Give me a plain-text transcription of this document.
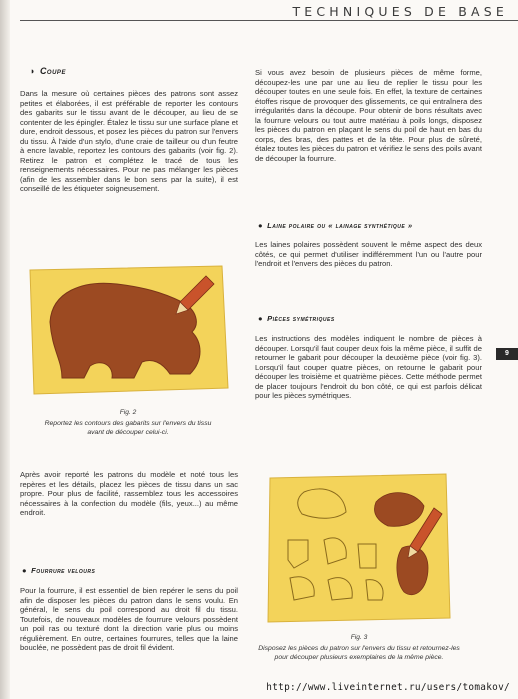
TECHNIQUES DE BASE
◗ Coupe

Dans la mesure où certaines pièces des patrons sont assez petites et élaborées, il est préférable de reporter les contours des gabarits sur le tissu avant de le découper, au lieu de se contenter de les épingler. Étalez le tissu sur une surface plane et dure, endroit dessous, et posez les pièces du patron sur l'envers du tissu. À l'aide d'un stylo, d'une craie de tailleur ou d'un feutre à encre lavable, reportez les contours des gabarits (voir fig. 2). Retirez le patron et complétez le tracé de tous les renseignements nécessaires. Pour ne pas mélanger les pièces (afin de les assembler dans le bon sens par la suite), il est conseillé de les étiqueter soigneusement.

Si vous avez besoin de plusieurs pièces de même forme, découpez-les une par une au lieu de replier le tissu pour les découper toutes en une seule fois. En effet, la texture de certaines étoffes risque de provoquer des glissements, ce qui entraînera des irrégularités dans la découpe. Pour obtenir de bons résultats avec la fourrure velours ou tout autre matériau à poils longs, disposez les pièces du patron en plaçant le sens du poil de haut en bas du corps, des bras, des pattes et de la tête. Pour plus de sûreté, étalez toutes les pièces du patron et vérifiez le sens des poils avant de découper la fourrure.

● Laine polaire ou « lainage synthétique »

Les laines polaires possèdent souvent le même aspect des deux côtés, ce qui permet d'utiliser indifféremment l'un ou l'autre pour l'endroit et l'envers des pièces du patron.

● Pièces symétriques

Les instructions des modèles indiquent le nombre de pièces à découper. Lorsqu'il faut couper deux fois la même pièce, il suffit de retourner le gabarit pour découper la deuxième pièce (voir fig. 3). Lorsqu'il faut couper quatre pièces, on retourne le gabarit pour découper les troisième et quatrième pièces. Cette méthode permet de placer toujours l'endroit du bon côté, ce qui est parfois délicat pour les pièces symétriques.

9
Fig. 2
Reportez les contours des gabarits sur l'envers du tissu
avant de découper celui-ci.

Après avoir reporté les patrons du modèle et noté tous les repères et les détails, placez les pièces de tissu dans un sac propre. Pour plus de facilité, rassemblez tous les accessoires nécessaires à la confection du modèle (fils, yeux...) au même endroit.

● Fourrure velours

Pour la fourrure, il est essentiel de bien repérer le sens du poil afin de disposer les pièces du patron dans le sens voulu. En général, le sens du poil correspond au droit fil du tissu. Toutefois, de nouveaux modèles de fourrure velours possèdent un poil ras ou texturé dont la direction varie plus ou moins régulièrement. En outre, certaines fourrures, telles que la laine bouclée, ne possèdent pas de droit fil évident.

Fig. 3
Disposez les pièces du patron sur l'envers du tissu et retournez-les
pour découper plusieurs exemplaires de la même pièce.
http://www.liveinternet.ru/users/tomakov/
